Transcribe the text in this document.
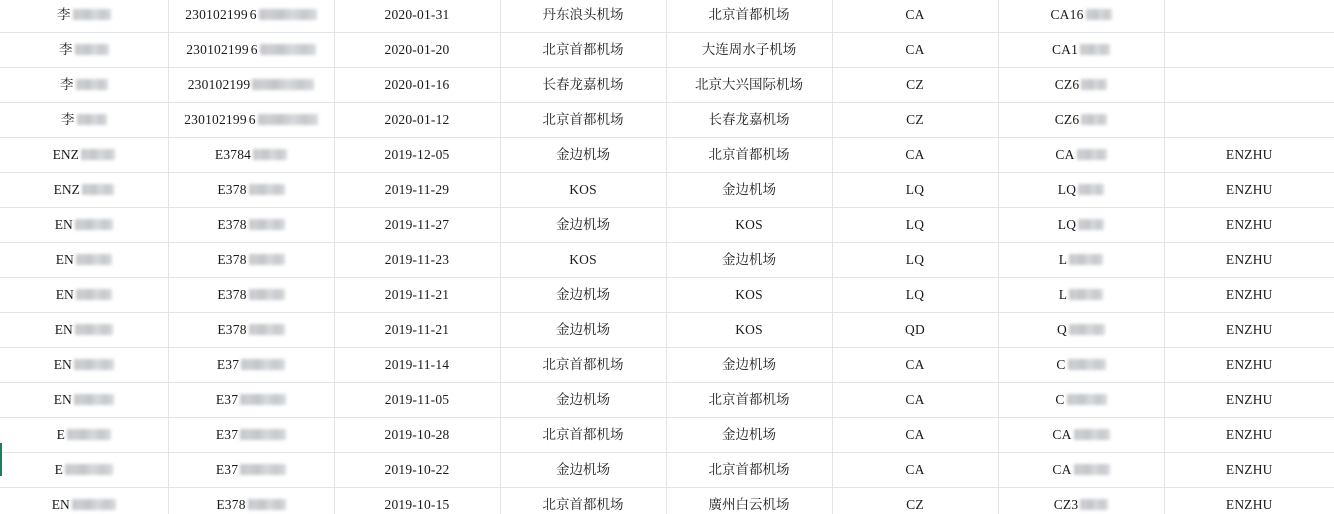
李	230102199 6	2020-01-31	丹东浪头机场	北京首都机场	CA	CA16	

李	230102199 6	2020-01-20	北京首都机场	大连周水子机场	CA	CA1	

李	230102199	2020-01-16	长春龙嘉机场	北京大兴国际机场	CZ	CZ6	

李	230102199 6	2020-01-12	北京首都机场	长春龙嘉机场	CZ	CZ6	

ENZ	E3784	2019-12-05	金边机场	北京首都机场	CA	CA	ENZHU

ENZ	E378	2019-11-29	KOS	金边机场	LQ	LQ	ENZHU

EN	E378	2019-11-27	金边机场	KOS	LQ	LQ	ENZHU

EN	E378	2019-11-23	KOS	金边机场	LQ	L	ENZHU

EN	E378	2019-11-21	金边机场	KOS	LQ	L	ENZHU

EN	E378	2019-11-21	金边机场	KOS	QD	Q	ENZHU

EN	E37	2019-11-14	北京首都机场	金边机场	CA	C	ENZHU

EN	E37	2019-11-05	金边机场	北京首都机场	CA	C	ENZHU

E	E37	2019-10-28	北京首都机场	金边机场	CA	CA	ENZHU

E	E37	2019-10-22	金边机场	北京首都机场	CA	CA	ENZHU

EN	E378	2019-10-15	北京首都机场	廣州白云机场	CZ	CZ3	ENZHU
